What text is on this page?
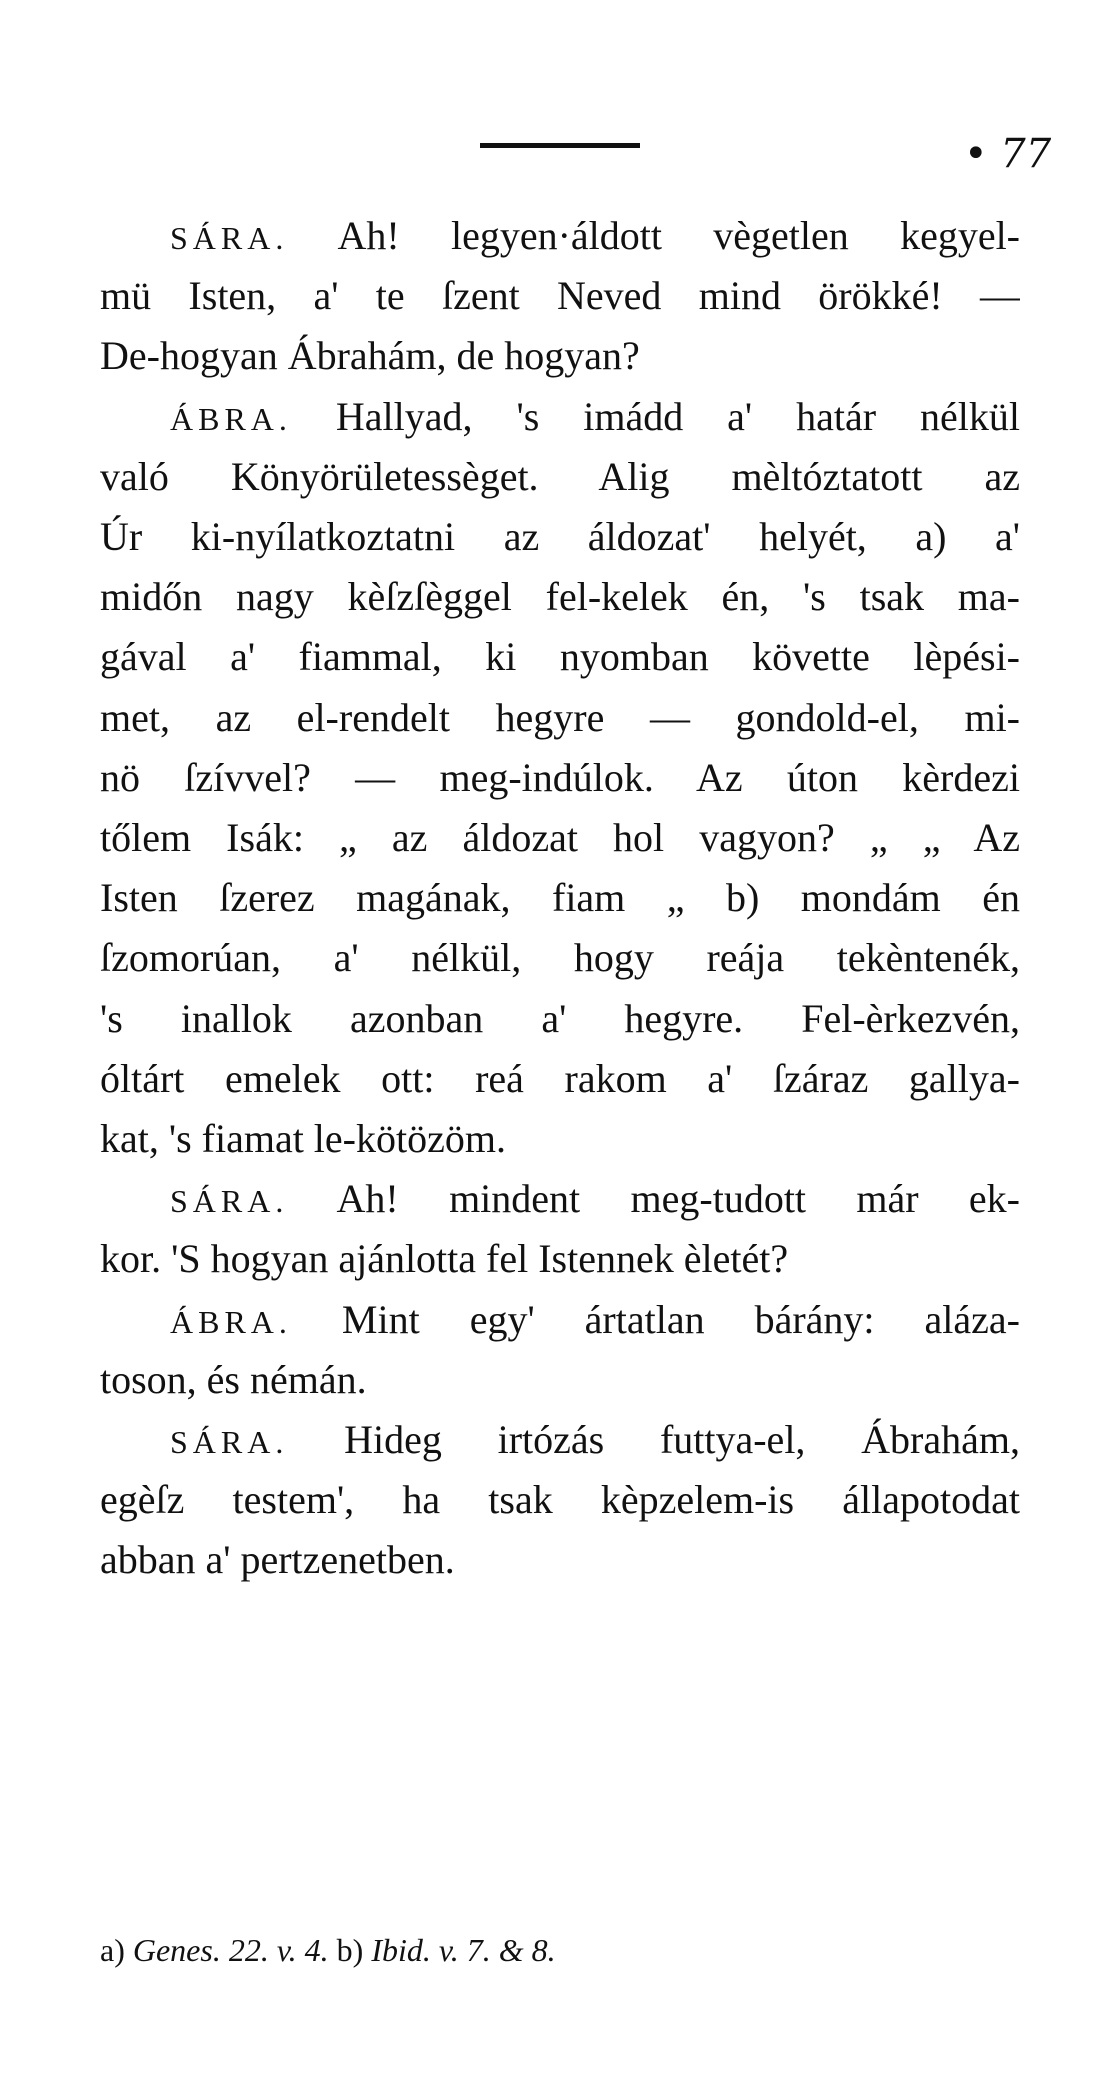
• 77
SÁRA. Ah! legyen·áldott vègetlen kegyel-
mü Isten, a' te ſzent Neved mind örökké! —
De-hogyan Ábrahám, de hogyan?
ÁBRA. Hallyad, 's imádd a' határ nélkül
való Könyörületessèget. Alig mèltóztatott az
Úr ki-nyílatkoztatni az áldozat' helyét, a) a'
midőn nagy kèſzſèggel fel-kelek én, 's tsak ma-
gával a' fiammal, ki nyomban követte lèpési-
met, az el-rendelt hegyre — gondold-el, mi-
nö ſzívvel? — meg-indúlok. Az úton kèrdezi
tőlem Isák: „ az áldozat hol vagyon? „ „ Az
Isten ſzerez magának, fiam „ b) mondám én
ſzomorúan, a' nélkül, hogy reája tekèntenék,
's inallok azonban a' hegyre. Fel-èrkezvén,
óltárt emelek ott: reá rakom a' ſzáraz gallya-
kat, 's fiamat le-kötözöm.
SÁRA. Ah! mindent meg-tudott már ek-
kor. 'S hogyan ajánlotta fel Istennek èletét?
ÁBRA. Mint egy' ártatlan bárány: aláza-
toson, és némán.
SÁRA. Hideg irtózás futtya-el, Ábrahám,
egèſz testem', ha tsak kèpzelem-is állapotodat
abban a' pertzenetben.
a) Genes. 22. v. 4. b) Ibid. v. 7. & 8.
